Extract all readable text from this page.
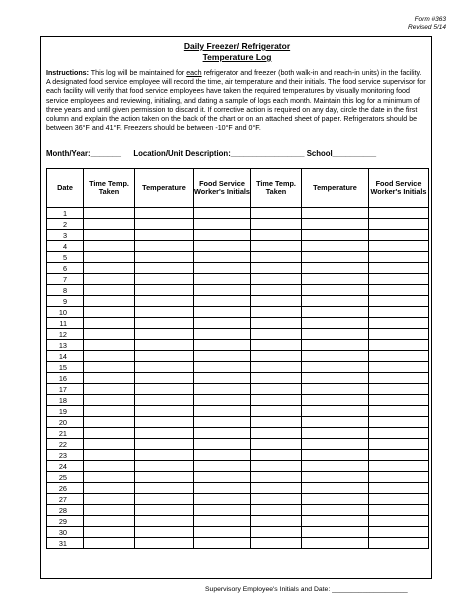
Form #363
Revised 5/14
Daily Freezer/ Refrigerator
Temperature Log
Instructions: This log will be maintained for each refrigerator and freezer (both walk-in and reach-in units) in the facility. A designated food service employee will record the time, air temperature and their initials. The food service supervisor for each facility will verify that food service employees have taken the required temperatures by visually monitoring food service employees and reviewing, initialing, and dating a sample of logs each month. Maintain this log for a minimum of three years and until given permission to discard it. If corrective action is required on any day, circle the date in the first column and explain the action taken on the back of the chart or on an attached sheet of paper. Refrigerators should be between 36°F and 41°F. Freezers should be between -10°F and 0°F.
Month/Year:_______ Location/Unit Description:_________________ School__________
Date	Time Temp. Taken	Temperature	Food Service Worker's Initials	Time Temp. Taken	Temperature	Food Service Worker's Initials
1						
2						
3						
4						
5						
6						
7						
8						
9						
10						
11						
12						
13						
14						
15						
16						
17						
18						
19						
20						
21						
22						
23						
24						
25						
26						
27						
28						
29						
30						
31						
Supervisory Employee's Initials and Date: ____________________
